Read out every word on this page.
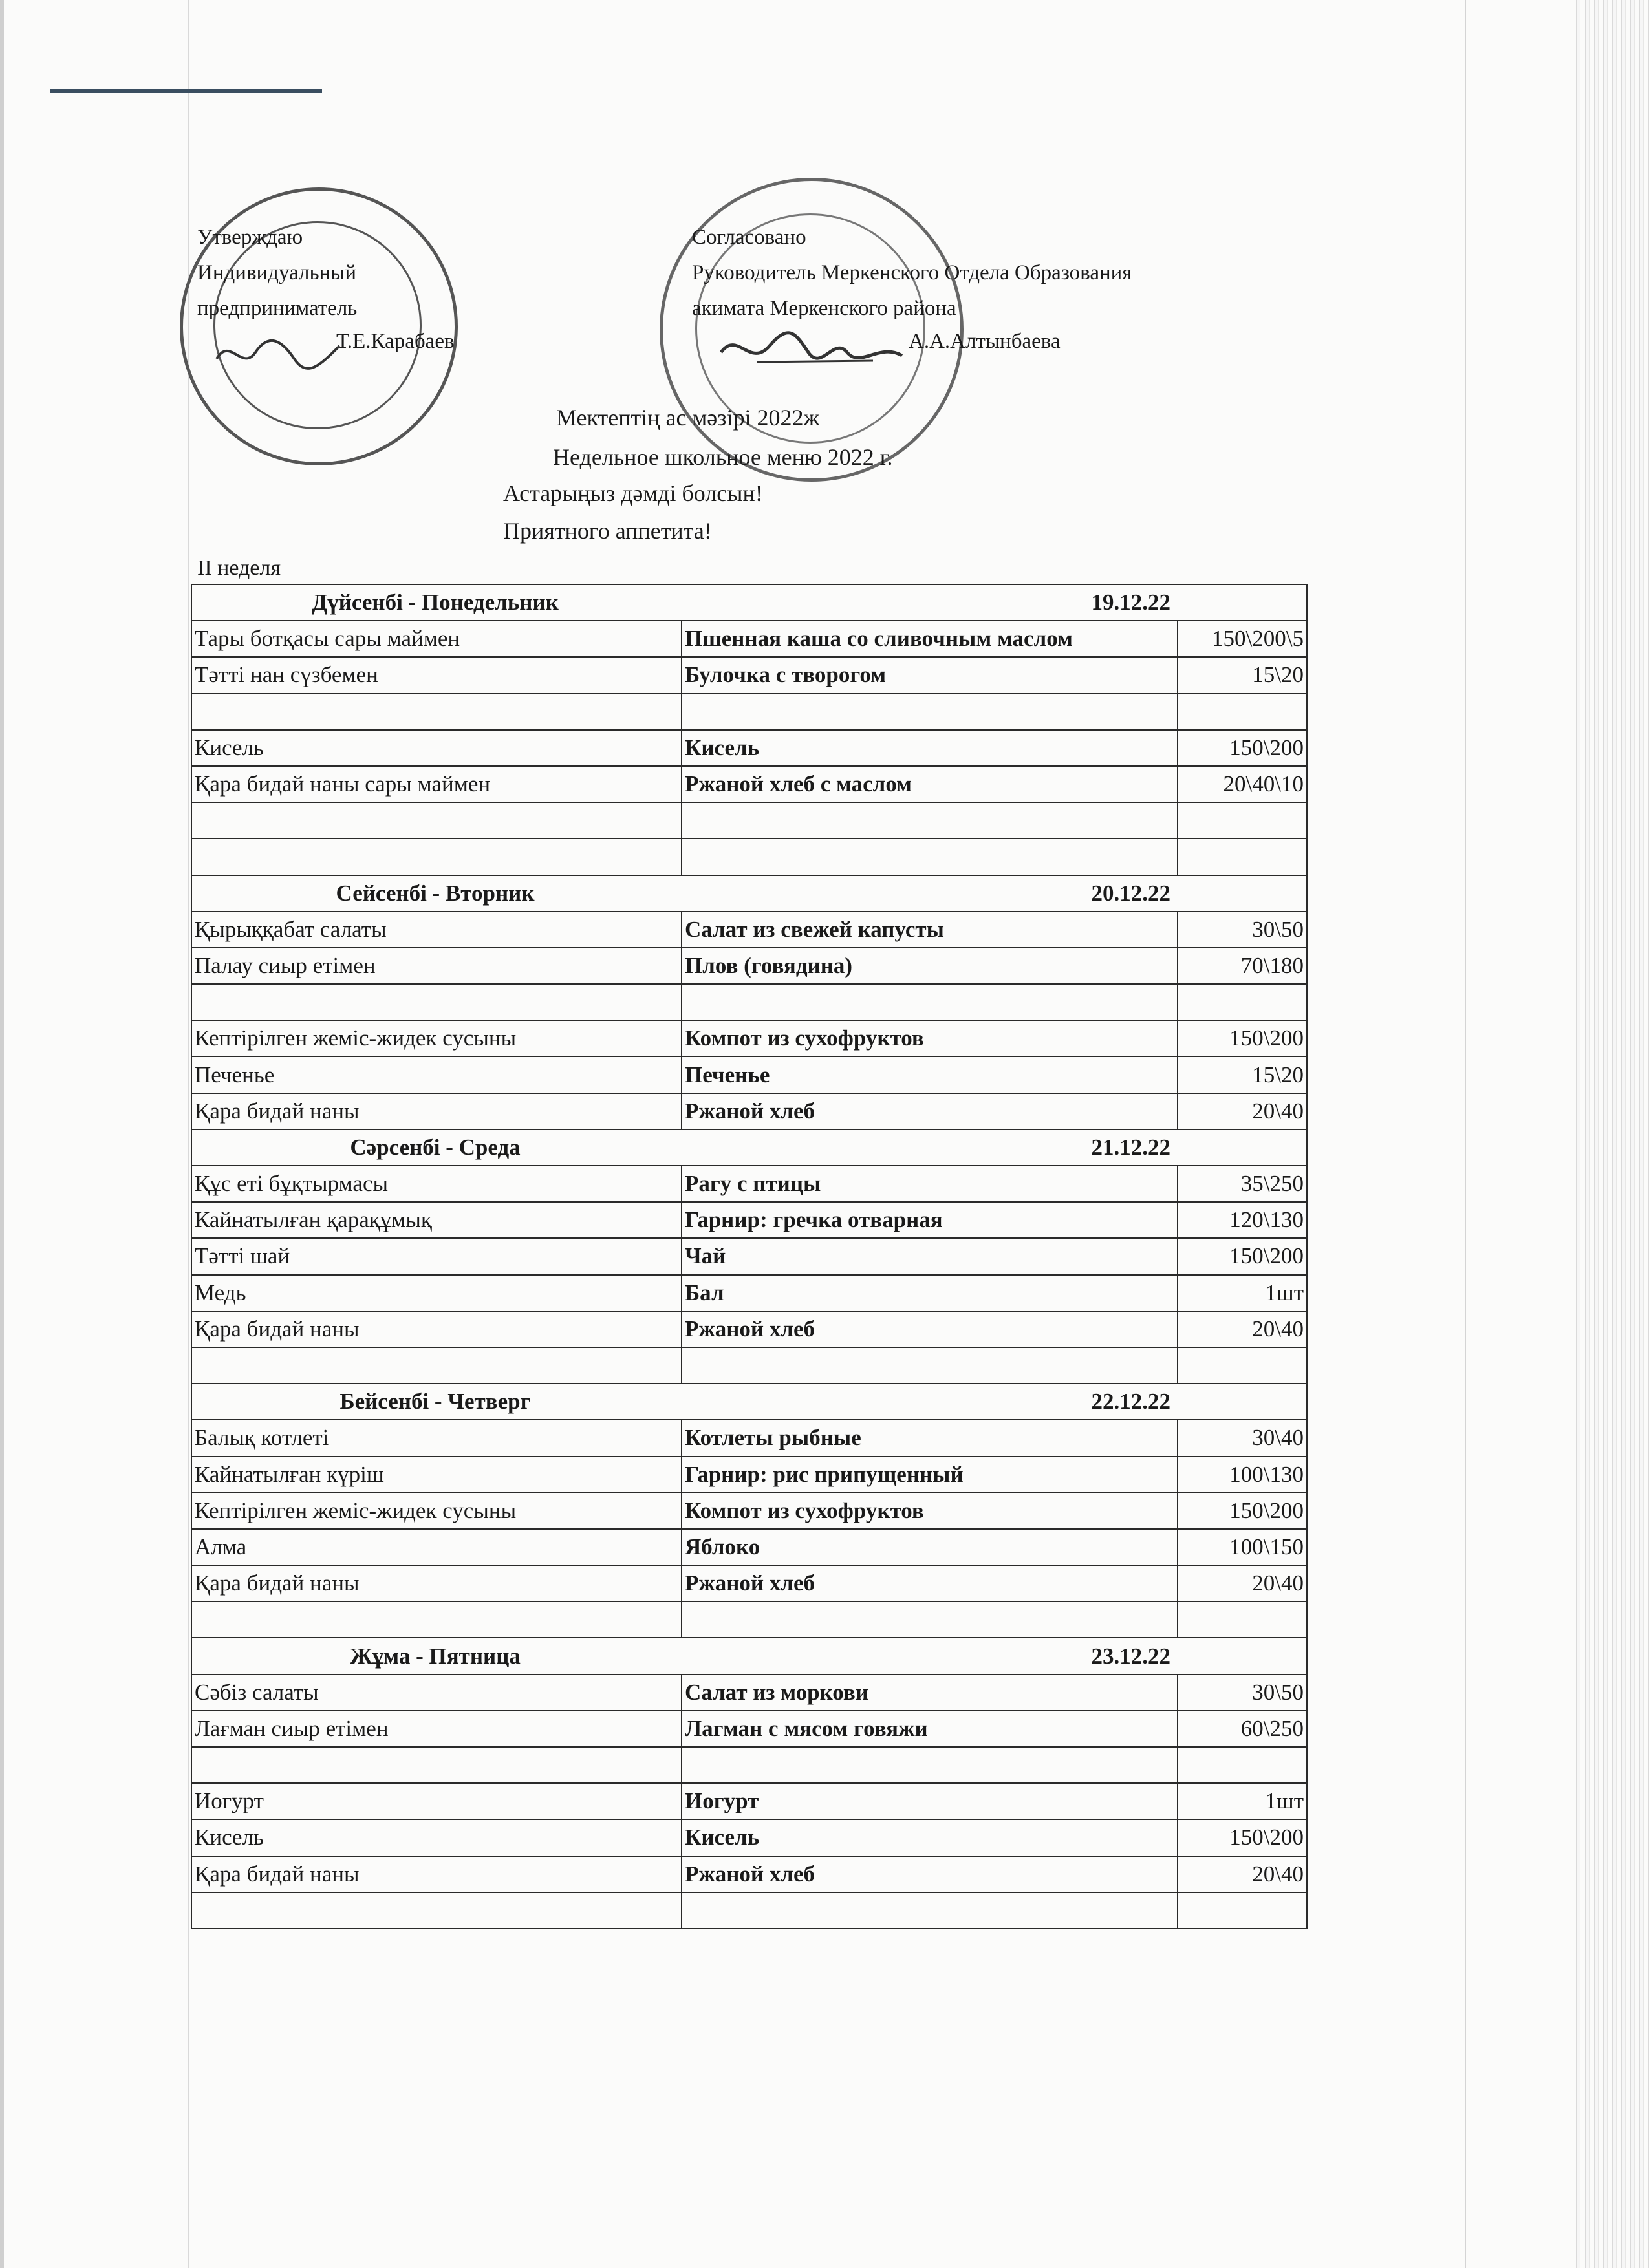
Утверждаю
Индивидуальный
предприниматель
Т.Е.Карабаев
Согласовано
Руководитель Меркенского Отдела Образования
акимата Меркенского района
А.А.Алтынбаева
Мектептің ас мәзірі 2022ж
Недельное школьное меню 2022 г.
Астарыңыз дәмді болсын!
Приятного аппетита!
II неделя
Дүйсенбі - Понедельник	19.12.22	
Тары ботқасы сары маймен	Пшенная каша со сливочным маслом	150\200\5
Тәтті нан сүзбемен	Булочка с творогом	15\20

Кисель	Кисель	150\200
Қара бидай наны сары маймен	Ржаной хлеб с маслом	20\40\10

Сейсенбі - Вторник	20.12.22	
Қырыққабат салаты	Салат из свежей капусты	30\50
Палау сиыр етімен	Плов (говядина)	70\180

Кептірілген жеміс-жидек сусыны	Компот из сухофруктов	150\200
Печенье	Печенье	15\20
Қара бидай наны	Ржаной хлеб	20\40
Сәрсенбі - Среда	21.12.22	
Құс еті бұқтырмасы	Рагу с птицы	35\250
Кайнатылған қарақұмық	Гарнир: гречка отварная	120\130
Тәтті шай	Чай	150\200
Медь	Бал	1шт
Қара бидай наны	Ржаной хлеб	20\40

Бейсенбі - Четверг	22.12.22	
Балық котлеті	Котлеты рыбные	30\40
Кайнатылған күріш	Гарнир: рис припущенный	100\130
Кептірілген жеміс-жидек сусыны	Компот из сухофруктов	150\200
Алма	Яблоко	100\150
Қара бидай наны	Ржаной хлеб	20\40

Жұма - Пятница	23.12.22	
Сәбіз салаты	Салат из моркови	30\50
Лағман сиыр етімен	Лагман с мясом говяжи	60\250

Иогурт	Иогурт	1шт
Кисель	Кисель	150\200
Қара бидай наны	Ржаной хлеб	20\40
